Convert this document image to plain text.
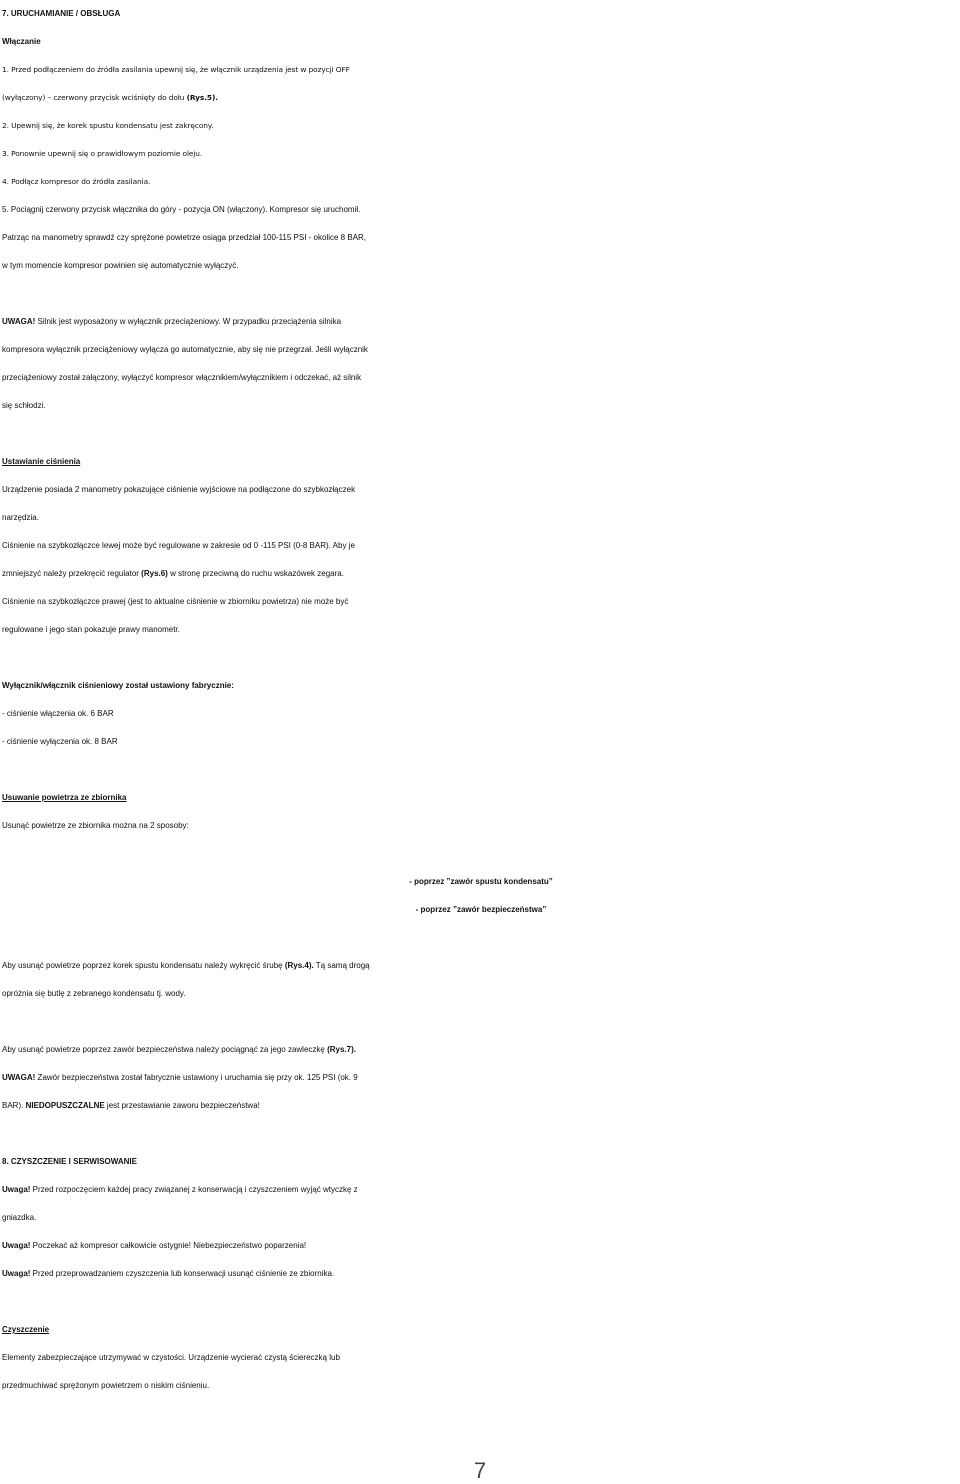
7. URUCHAMIANIE / OBSŁUGA
Włączanie
1. Przed podłączeniem do źródła zasilania upewnij się, że włącznik urządzenia jest w pozycji OFF
(wyłączony) – czerwony przycisk wciśnięty do dołu (Rys.5).
2. Upewnij się, że korek spustu kondensatu jest zakręcony.
3. Ponownie upewnij się o prawidłowym poziomie oleju.
4. Podłącz kompresor do źródła zasilania.
5. Pociągnij czerwony przycisk włącznika do góry - pozycja ON (włączony). Kompresor się uruchomił.
Patrząc na manometry sprawdź czy sprężone powietrze osiąga przedział 100-115 PSI - okolice 8 BAR,
w tym momencie kompresor powinien się automatycznie wyłączyć.
UWAGA! Silnik jest wyposażony w wyłącznik przeciążeniowy. W przypadku przeciążenia silnika
kompresora wyłącznik przeciążeniowy wyłącza go automatycznie, aby się nie przegrzał. Jeśli wyłącznik
przeciążeniowy został załączony, wyłączyć kompresor włącznikiem/wyłącznikiem i odczekać, aż silnik
się schłodzi.
Ustawianie ciśnienia
Urządzenie posiada 2 manometry pokazujące ciśnienie wyjściowe na podłączone do szybkozłączek
narzędzia.
Ciśnienie na szybkozłączce lewej może być regulowane w zakresie od 0 -115 PSI (0-8 BAR). Aby je
zmniejszyć należy przekręcić regulator (Rys.6) w stronę przeciwną do ruchu wskazówek zegara.
Ciśnienie na szybkozłączce prawej (jest to aktualne ciśnienie w zbiorniku powietrza) nie może być
regulowane i jego stan pokazuje prawy manometr.
Wyłącznik/włącznik ciśnieniowy został ustawiony fabrycznie:
- ciśnienie włączenia ok. 6 BAR
- ciśnienie wyłączenia ok. 8 BAR
Usuwanie powietrza ze zbiornika
Usunąć powietrze ze zbiornika można na 2 sposoby:
- poprzez ”zawór spustu kondensatu”
- poprzez ”zawór bezpieczeństwa”
Aby usunąć powietrze poprzez korek spustu kondensatu należy wykręcić śrubę (Rys.4). Tą samą drogą
opróżnia się butlę z zebranego kondensatu tj. wody.
Aby usunąć powietrze poprzez zawór bezpieczeństwa należy pociągnąć za jego zawleczkę (Rys.7).
UWAGA! Zawór bezpieczeństwa został fabrycznie ustawiony i uruchamia się przy ok. 125 PSI (ok. 9
BAR). NIEDOPUSZCZALNE jest przestawianie zaworu bezpieczeństwa!
8. CZYSZCZENIE I SERWISOWANIE
Uwaga! Przed rozpoczęciem każdej pracy związanej z konserwacją i czyszczeniem wyjąć wtyczkę z
gniazdka.
Uwaga! Poczekać aż kompresor całkowicie ostygnie! Niebezpieczeństwo poparzenia!
Uwaga! Przed przeprowadzaniem czyszczenia lub konserwacji usunąć ciśnienie ze zbiornika.
Czyszczenie
Elementy zabezpieczające utrzymywać w czystości. Urządzenie wycierać czystą ściereczką lub
przedmuchiwać sprężonym powietrzem o niskim ciśnieniu.
7
